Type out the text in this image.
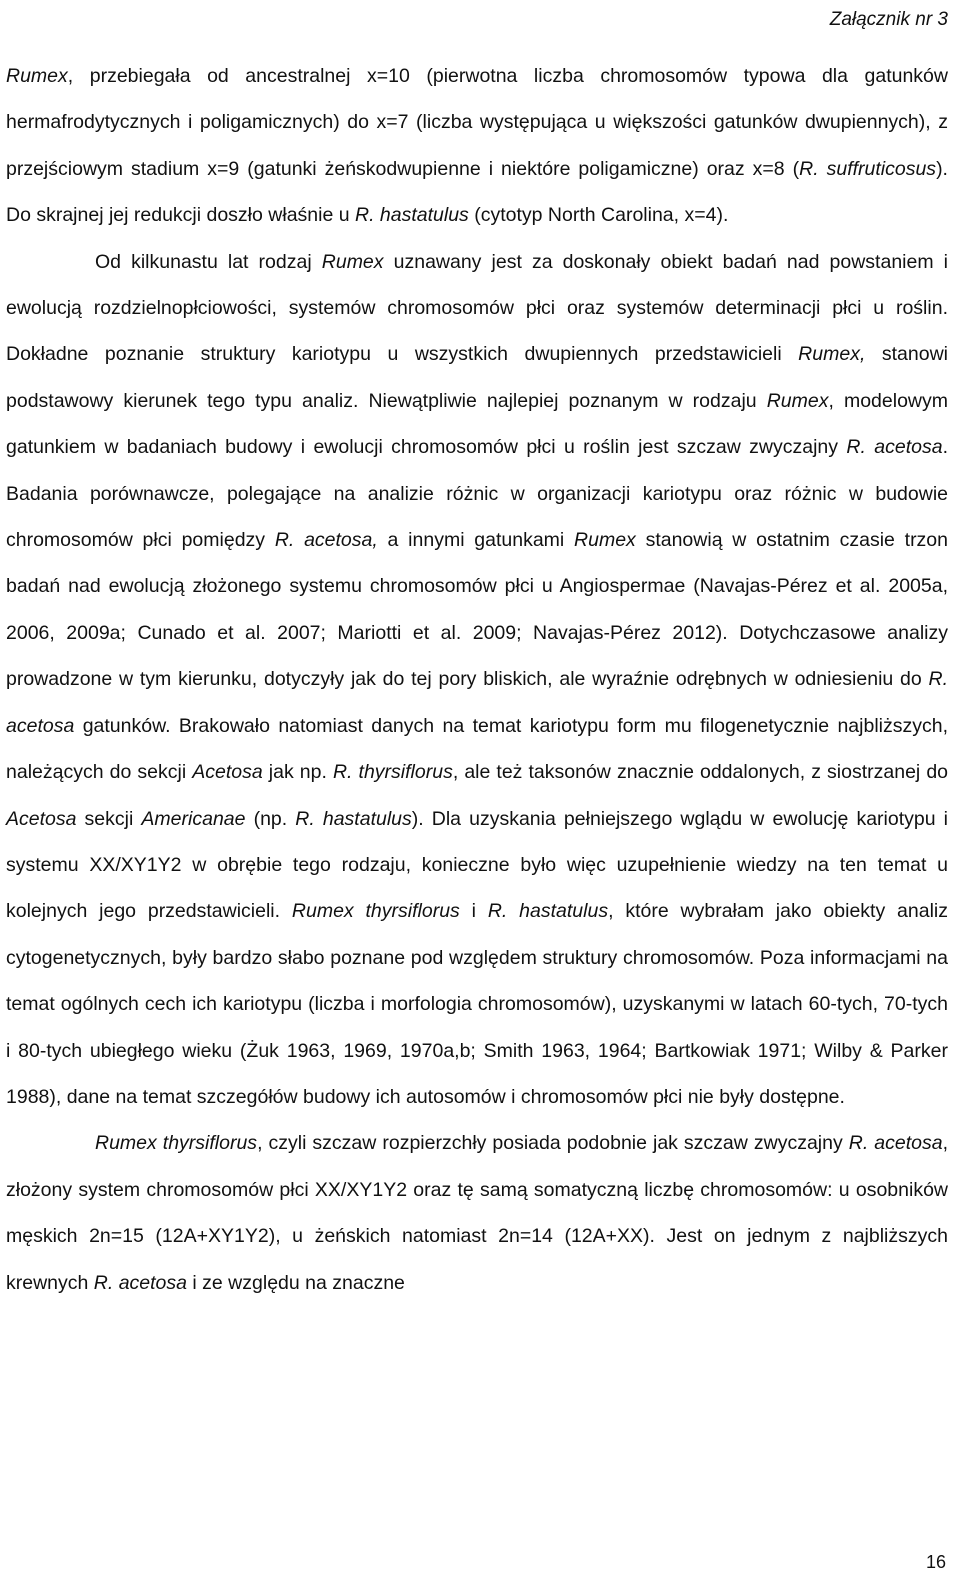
Załącznik nr 3

Rumex, przebiegała od ancestralnej x=10 (pierwotna liczba chromosomów typowa dla gatunków hermafrodytycznych i poligamicznych) do x=7 (liczba występująca u większości gatunków dwupiennych), z przejściowym stadium x=9 (gatunki żeńskodwupienne i niektóre poligamiczne) oraz x=8 (R. suffruticosus). Do skrajnej jej redukcji doszło właśnie u R. hastatulus (cytotyp North Carolina, x=4).

Od kilkunastu lat rodzaj Rumex uznawany jest za doskonały obiekt badań nad powstaniem i ewolucją rozdzielnopłciowości, systemów chromosomów płci oraz systemów determinacji płci u roślin. Dokładne poznanie struktury kariotypu u wszystkich dwupiennych przedstawicieli Rumex, stanowi podstawowy kierunek tego typu analiz. Niewątpliwie najlepiej poznanym w rodzaju Rumex, modelowym gatunkiem w badaniach budowy i ewolucji chromosomów płci u roślin jest szczaw zwyczajny R. acetosa. Badania porównawcze, polegające na analizie różnic w organizacji kariotypu oraz różnic w budowie chromosomów płci pomiędzy R. acetosa, a innymi gatunkami Rumex stanowią w ostatnim czasie trzon badań nad ewolucją złożonego systemu chromosomów płci u Angiospermae (Navajas-Pérez et al. 2005a, 2006, 2009a; Cunado et al. 2007; Mariotti et al. 2009; Navajas-Pérez 2012). Dotychczasowe analizy prowadzone w tym kierunku, dotyczyły jak do tej pory bliskich, ale wyraźnie odrębnych w odniesieniu do R. acetosa gatunków. Brakowało natomiast danych na temat kariotypu form mu filogenetycznie najbliższych, należących do sekcji Acetosa jak np. R. thyrsiflorus, ale też taksonów znacznie oddalonych, z siostrzanej do Acetosa sekcji Americanae (np. R. hastatulus). Dla uzyskania pełniejszego wglądu w ewolucję kariotypu i systemu XX/XY1Y2 w obrębie tego rodzaju, konieczne było więc uzupełnienie wiedzy na ten temat u kolejnych jego przedstawicieli. Rumex thyrsiflorus i R. hastatulus, które wybrałam jako obiekty analiz cytogenetycznych, były bardzo słabo poznane pod względem struktury chromosomów. Poza informacjami na temat ogólnych cech ich kariotypu (liczba i morfologia chromosomów), uzyskanymi w latach 60-tych, 70-tych i 80-tych ubiegłego wieku (Żuk 1963, 1969, 1970a,b; Smith 1963, 1964; Bartkowiak 1971; Wilby & Parker 1988), dane na temat szczegółów budowy ich autosomów i chromosomów płci nie były dostępne.

Rumex thyrsiflorus, czyli szczaw rozpierzchły posiada podobnie jak szczaw zwyczajny R. acetosa, złożony system chromosomów płci XX/XY1Y2 oraz tę samą somatyczną liczbę chromosomów: u osobników męskich 2n=15 (12A+XY1Y2), u żeńskich natomiast 2n=14 (12A+XX). Jest on jednym z najbliższych krewnych R. acetosa i ze względu na znaczne

16
